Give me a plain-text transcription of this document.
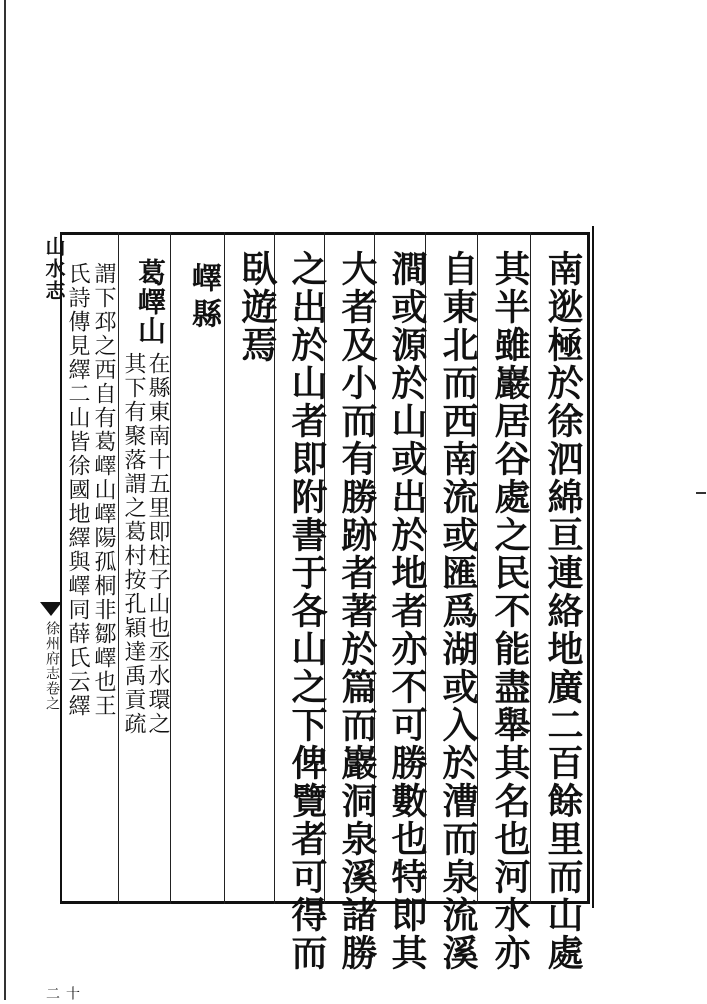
南逖極於徐泗綿亘連絡地廣二百餘里而山處
其半雖巖居谷處之民不能盡舉其名也河水亦
自東北而西南流或匯爲湖或入於漕而泉流溪
澗或源於山或出於地者亦不可勝數也特即其
大者及小而有勝跡者著於篇而巖洞泉溪諸勝
之出於山者即附書于各山之下俾覽者可得而
臥遊焉
嶧縣
葛嶧山
在縣東南十五里即柱子山也丞水環之
其下有聚落謂之葛村按孔穎達禹貢疏
謂下邳之西自有葛嶧山嶧陽孤桐非鄒嶧也王
氏詩傳見繹二山皆徐國地繹與嶧同薛氏云繹
山水志
徐州府志卷之
十二
